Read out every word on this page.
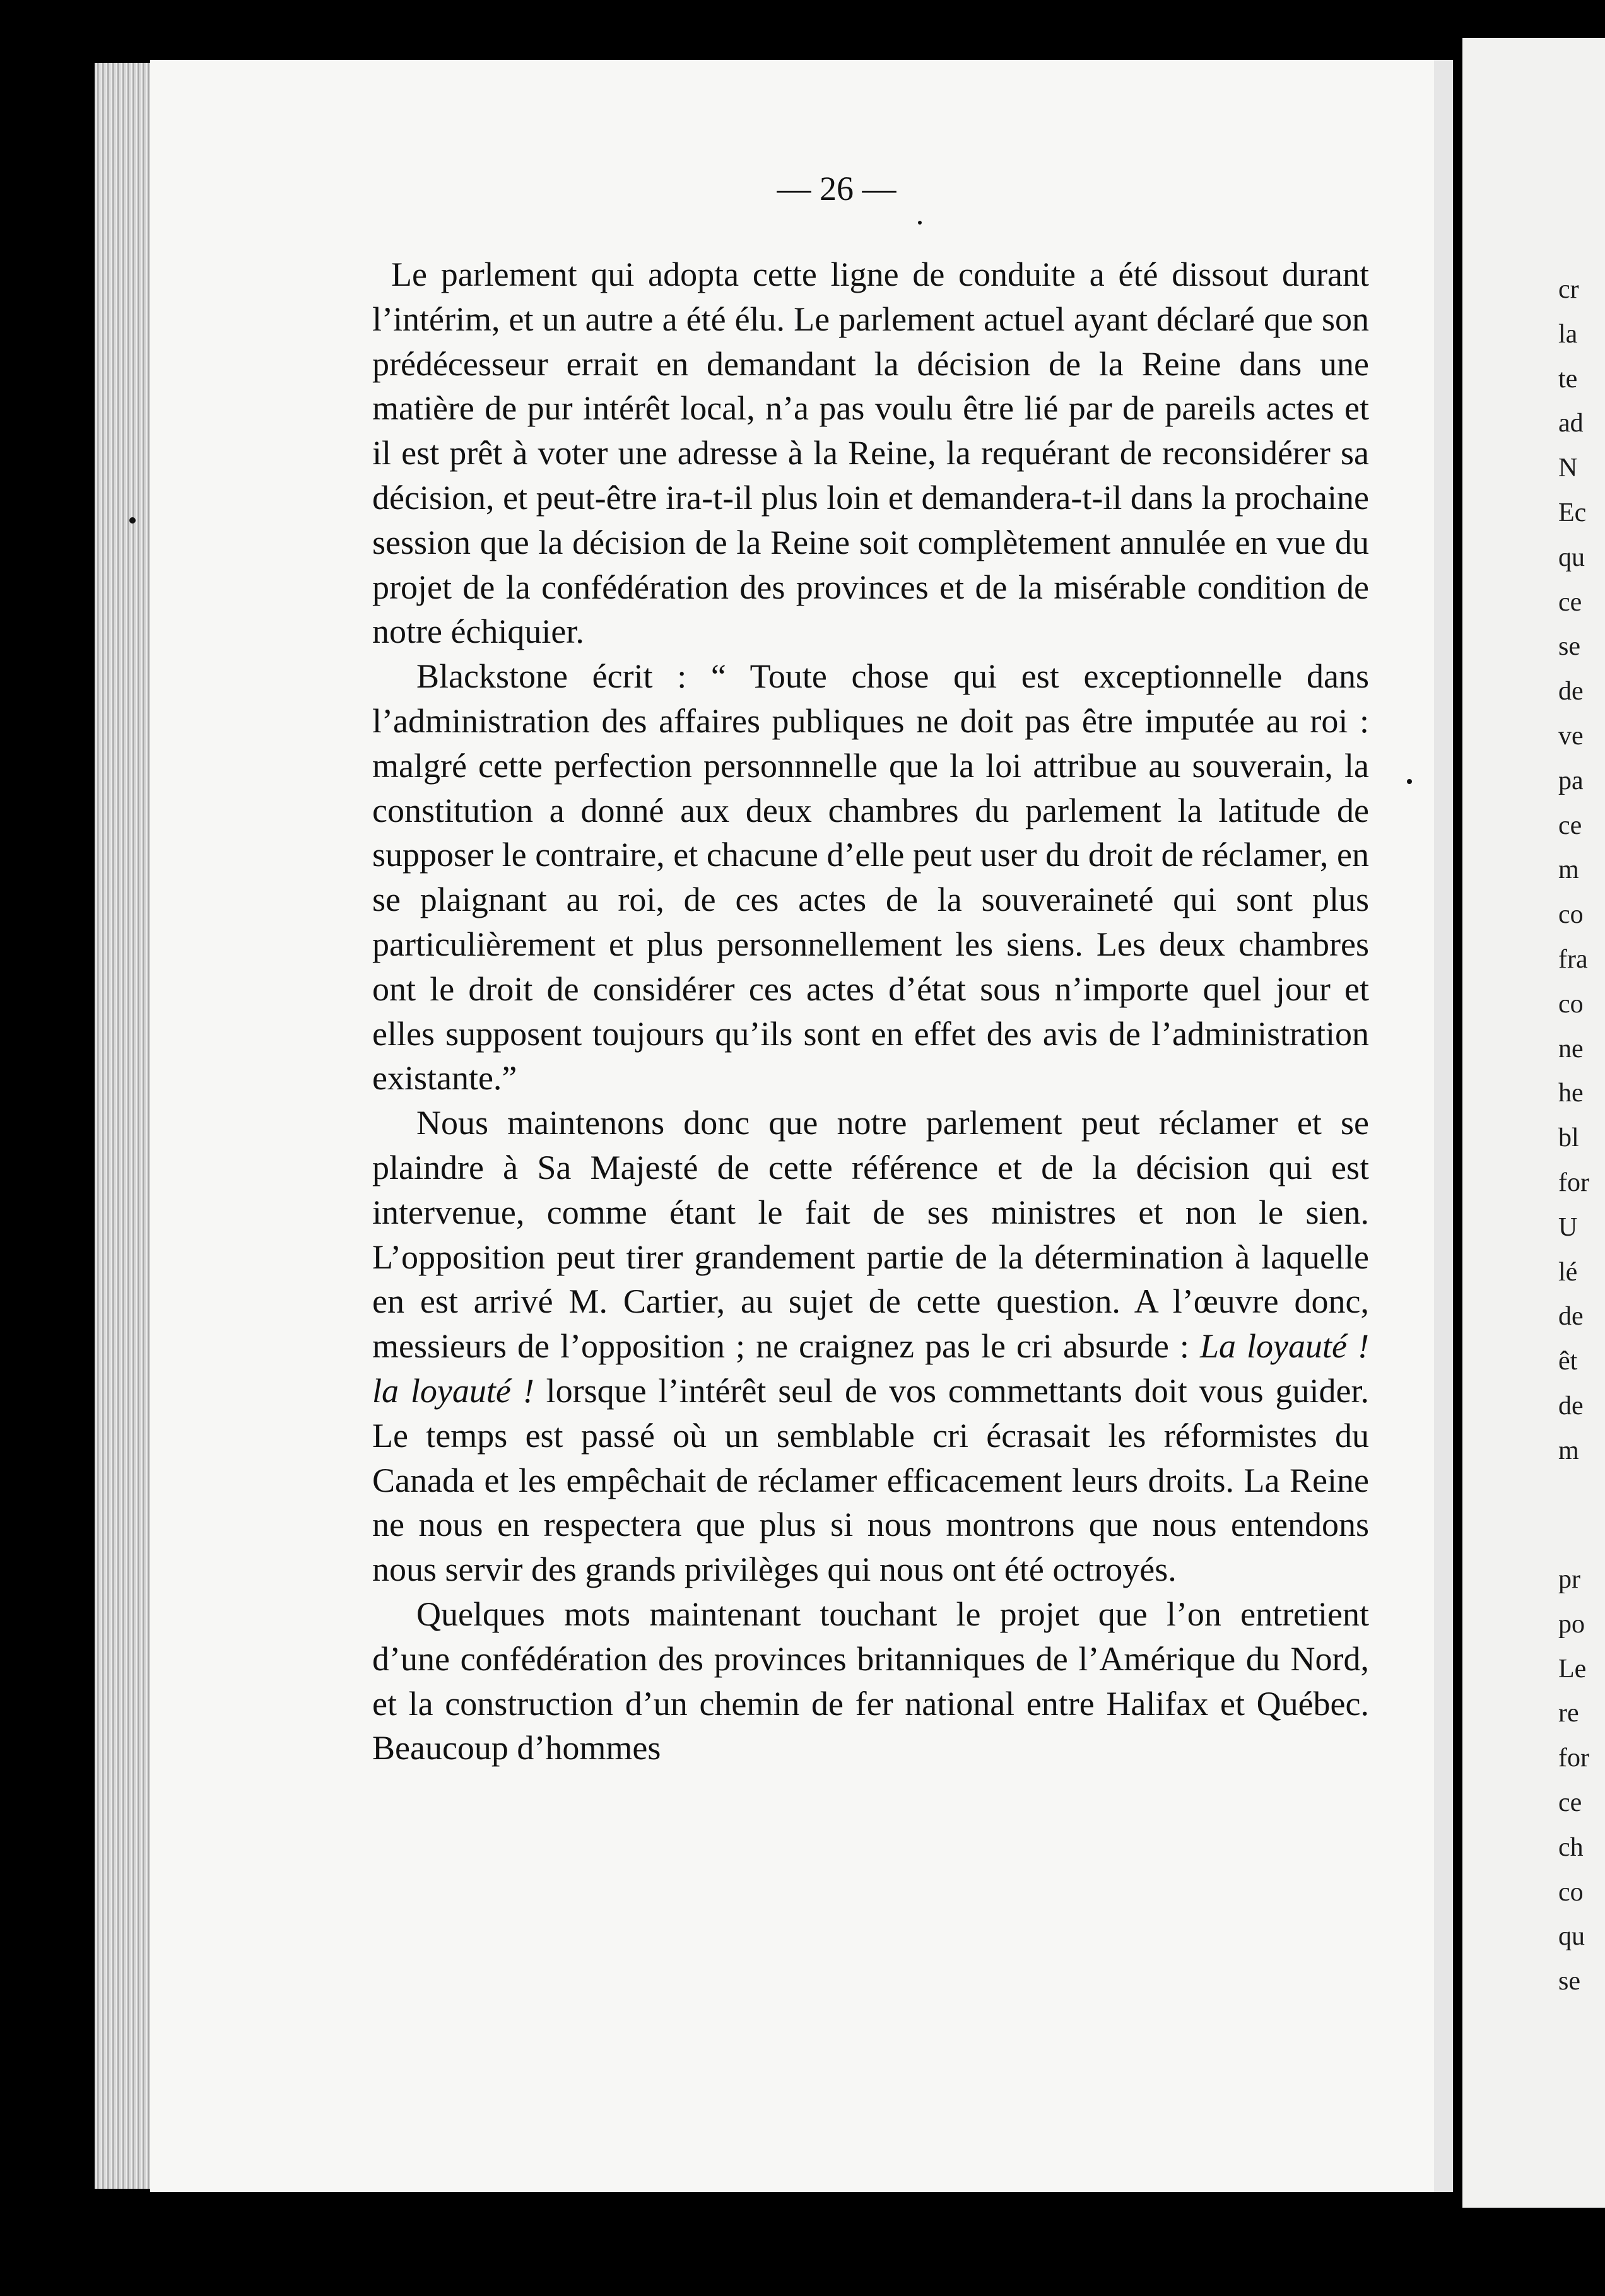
— 26 —

Le parlement qui adopta cette ligne de conduite a été dissout durant l’intérim, et un autre a été élu. Le parlement actuel ayant déclaré que son prédécesseur errait en demandant la décision de la Reine dans une matière de pur intérêt local, n’a pas voulu être lié par de pareils actes et il est prêt à voter une adresse à la Reine, la requérant de reconsidérer sa décision, et peut-être ira-t-il plus loin et demandera-t-il dans la prochaine session que la décision de la Reine soit complètement annulée en vue du projet de la confédération des provinces et de la misérable condition de notre échiquier.

Blackstone écrit : “ Toute chose qui est exceptionnelle dans l’administration des affaires publiques ne doit pas être imputée au roi : malgré cette perfection personnnelle que la loi attribue au souverain, la constitution a donné aux deux chambres du parlement la latitude de supposer le contraire, et chacune d’elle peut user du droit de réclamer, en se plaignant au roi, de ces actes de la souveraineté qui sont plus particulièrement et plus personnellement les siens. Les deux chambres ont le droit de considérer ces actes d’état sous n’importe quel jour et elles supposent toujours qu’ils sont en effet des avis de l’administration existante.”

Nous maintenons donc que notre parlement peut réclamer et se plaindre à Sa Majesté de cette référence et de la décision qui est intervenue, comme étant le fait de ses ministres et non le sien. L’opposition peut tirer grandement partie de la détermination à laquelle en est arrivé M. Cartier, au sujet de cette question. A l’œuvre donc, messieurs de l’opposition ; ne craignez pas le cri absurde : La loyauté ! la loyauté ! lorsque l’intérêt seul de vos commettants doit vous guider. Le temps est passé où un semblable cri écrasait les réformistes du Canada et les empêchait de réclamer efficacement leurs droits. La Reine ne nous en respectera que plus si nous montrons que nous entendons nous servir des grands privilèges qui nous ont été octroyés.

Quelques mots maintenant touchant le projet que l’on entretient d’une confédération des provinces britanniques de l’Amérique du Nord, et la construction d’un chemin de fer national entre Halifax et Québec. Beaucoup d’hommes

cr
la
te
ad
N
Ec
qu
ce
se
de
ve
pa
ce
m
co
fra
co
ne
he
bl
for
U
lé
de
êt
de
m
pr
po
Le
re
for
ce
ch
co
qu
se
